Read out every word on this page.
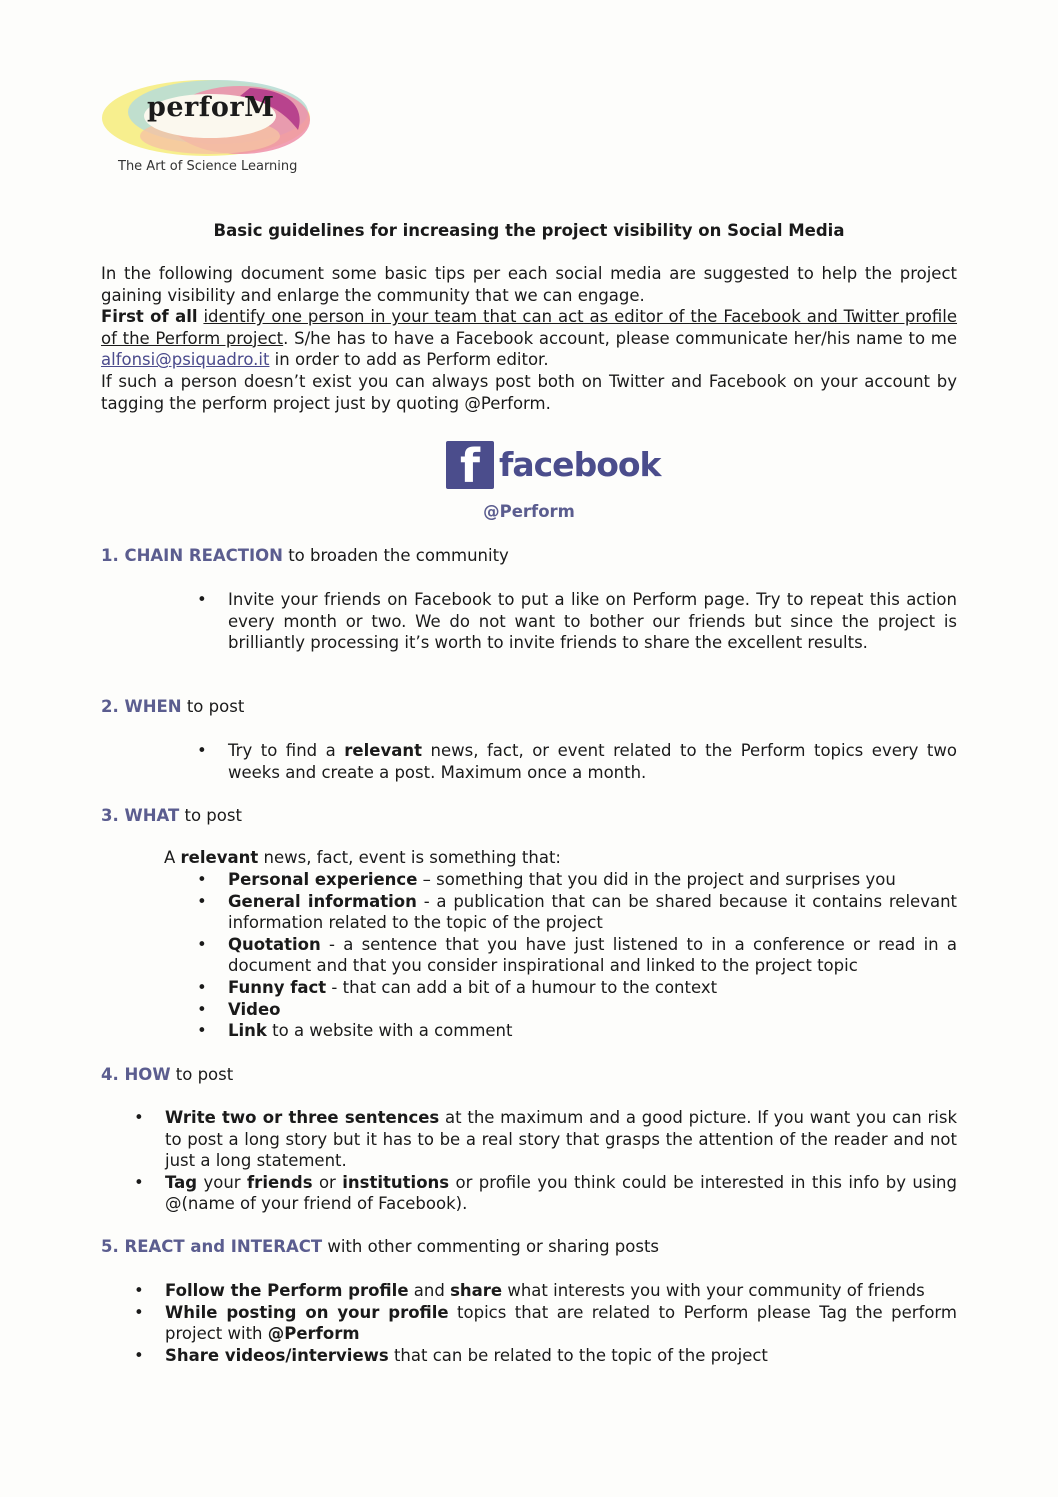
perforM
The Art of Science Learning
Basic guidelines for increasing the project visibility on Social Media

In the following document some basic tips per each social media are suggested to help the project gaining visibility and enlarge the community that we can engage.

First of all identify one person in your team that can act as editor of the Facebook and Twitter profile of the Perform project. S/he has to have a Facebook account, please communicate her/his name to me alfonsi@psiquadro.it in order to add as Perform editor.

If such a person doesn’t exist you can always post both on Twitter and Facebook on your account by tagging the perform project just by quoting @Perform.

f facebook
@Perform
1. CHAIN REACTION to broaden the community
• Invite your friends on Facebook to put a like on Perform page. Try to repeat this action every month or two. We do not want to bother our friends but since the project is brilliantly processing it’s worth to invite friends to share the excellent results.
2. WHEN to post
• Try to find a relevant news, fact, or event related to the Perform topics every two weeks and create a post. Maximum once a month.
3. WHAT to post
A relevant news, fact, event is something that:
• Personal experience – something that you did in the project and surprises you
• General information - a publication that can be shared because it contains relevant information related to the topic of the project
• Quotation - a sentence that you have just listened to in a conference or read in a document and that you consider inspirational and linked to the project topic
• Funny fact - that can add a bit of a humour to the context
• Video
• Link to a website with a comment
4. HOW to post
• Write two or three sentences at the maximum and a good picture. If you want you can risk to post a long story but it has to be a real story that grasps the attention of the reader and not just a long statement.
• Tag your friends or institutions or profile you think could be interested in this info by using @(name of your friend of Facebook).
5. REACT and INTERACT with other commenting or sharing posts
• Follow the Perform profile and share what interests you with your community of friends
• While posting on your profile topics that are related to Perform please Tag the perform project with @Perform
• Share videos/interviews that can be related to the topic of the project
